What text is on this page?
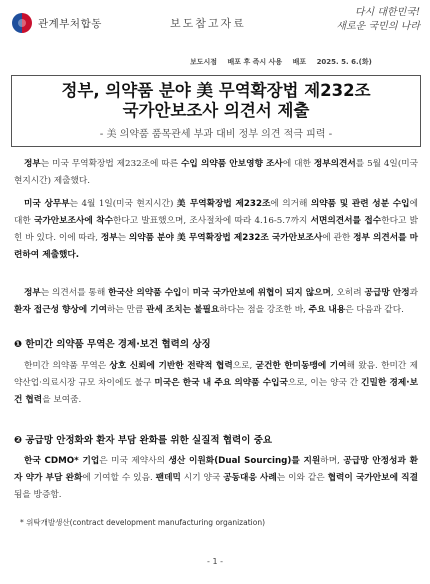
관계부처합동	보도참고자료
다시 대한민국!
새로운 국민의 나라
보도시점 배포 후 즉시 사용 배포 2025. 5. 6.(화)
정부, 의약품 분야 美 무역확장법 제232조
국가안보조사 의견서 제출
- 美 의약품 품목관세 부과 대비 정부 의견 적극 피력 -
정부는 미국 무역확장법 제232조에 따른 수입 의약품 안보영향 조사에 대한 정부의견서를 5월 4일(미국 현지시간) 제출했다.
미국 상무부는 4월 1일(미국 현지시간) 美 무역확장법 제232조에 의거해 의약품 및 관련 성분 수입에 대한 국가안보조사에 착수한다고 발표했으며, 조사절차에 따라 4.16-5.7까지 서면의견서를 접수한다고 밝힌 바 있다. 이에 따라, 정부는 의약품 분야 美 무역확장법 제232조 국가안보조사에 관한 정부 의견서를 마련하여 제출했다.
정부는 의견서를 통해 한국산 의약품 수입이 미국 국가안보에 위협이 되지 않으며, 오히려 공급망 안정과 환자 접근성 향상에 기여하는 만큼 관세 조치는 불필요하다는 점을 강조한 바, 주요 내용은 다음과 같다.
❶ 한미간 의약품 무역은 경제·보건 협력의 상징
한미간 의약품 무역은 상호 신뢰에 기반한 전략적 협력으로, 굳건한 한미동맹에 기여해 왔음. 한미간 제약산업·의료시장 규모 차이에도 불구 미국은 한국 내 주요 의약품 수입국으로, 이는 양국 간 긴밀한 경제·보건 협력을 보여줌.
❷ 공급망 안정화와 환자 부담 완화를 위한 실질적 협력이 중요
한국 CDMO* 기업은 미국 제약사의 생산 이원화(Dual Sourcing)를 지원하며, 공급망 안정성과 환자 약가 부담 완화에 기여할 수 있음. 팬데믹 시기 양국 공동대응 사례는 이와 같은 협력이 국가안보에 직결됨을 방증함.
* 위탁개발생산(contract development manufacturing organization)
- 1 -
